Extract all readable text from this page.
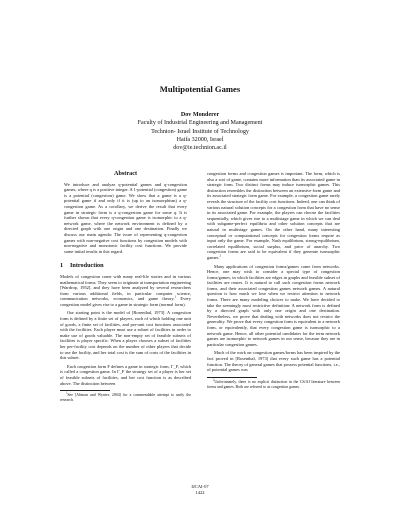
Multipotential Games
Dov Monderer
Faculty of Industrial Engineering and Management
Technion- Israel Institute of Technology
Haifa 32000, Israel
dov@ie.technion.ac.il
Abstract

We introduce and analyze q-potential games and q-congestion games, where q is a positive integer. A 1-potential (congestion) game is a potential (congestion) game. We show that a game is a q-potential game if and only if it is (up to an isomorphism) a q-congestion game. As a corollary, we derive the result that every game in strategic form is a q-congestion game for some q. It is further shown that every q-congestion game is isomorphic to a q-network game, where the network environment is defined by a directed graph with one origin and one destination. Finally we discuss our main agenda: The issue of representing q-congestion games with non-negative cost functions by congestion models with non-negative and monotonic facility cost functions. We provide some initial results in this regard.

1 Introduction

Models of congestion come with many real-life stories and in various mathematical forms. They seem to originate at transportation engineering [Wardrop, 1952], and they have been analyzed by several researchers from various additional fields, in particular computer science, communication networks, economics, and game theory.$^1$ Every congestion model gives rise to a game in strategic form (normal form).

Our starting point is the model of [Rosenthal, 1973]. A congestion form is defined by a finite set of players, each of which holding one unit of goods, a finite set of facilities, and per-unit cost functions associated with the facilities. Each player must use a subset of facilities in order to make use of goods valuable. The non-empty set of feasible subsets of facilities is player specific. When a player chooses a subset of facilities her per-facility cost depends on the number of other players that decide to use the facility, and her total cost is the sum of costs of the facilities in this subset.

Each congestion form F defines a game in strategic form, Γ_F, which is called a congestion game. In Γ_F the strategy set of a player is her set of feasible subsets of facilities, and her cost function is as described above. The distinction between

$^1$See [Altman and Wynter, 2004] for a commendable attempt to unify the research.

congestion forms and congestion games is important. The form, which is also a sort of game, contains more information than its associated game in strategic form. Two distinct forms may induce isomorphic games. This distinction resembles the distinction between an extensive-form game and its associated strategic form game. For example, a congestion game rarely reveals the structure of the facility cost functions. Indeed, one can think of various natural solution concepts for a congestion form that have no sense in its associated game. For example, the players can choose the facilities sequentially, which gives rise to a multistage game in which we can deal with subgame-perfect equilibria and other solution concepts that are natural in multistage games. On the other hand, many interesting conceptual or computational concepts for congestion forms require as input only the game. For example, Nash equilibrium, strong-equilibrium, correlated equilibrium, social surplus, and price of anarchy. Two congestion forms are said to be equivalent if they generate isomorphic games.$^2$

Many applications of congestion forms/games come from networks. Hence, one may wish to consider a special type of congestion forms/games, in which facilities are edges in graphs and feasible subset of facilities are routes. It is natural to call such congestion forms network forms, and their associated congestion games network games. A natural question is how much we lose when we restrict attention to network forms. There are many modeling choices to make. We have decided to take the seemingly most restrictive definition: A network form is defined by a directed graph with only one origin and one destination. Nevertheless, we prove that dealing with networks does not restrict the generality. We prove that every congestion form is equivalent to a network form, or equivalently, that every congestion game is isomorphic to a network game. Hence, all other potential candidates for the term network games are isomorphic to network games in our sense, because they are in particular congestion games.

Much of the work on congestion games/forms has been inspired by the fact proved in [Rosenthal, 1973] that every such game has a potential function. The theory of general games that possess potential functions, i.e., of potential games was

$^2$Unfortunately, there is no explicit distinction in the CS/AI literature between forms and games. Both are referred to as congestion games.
IJCAI-07
1422
